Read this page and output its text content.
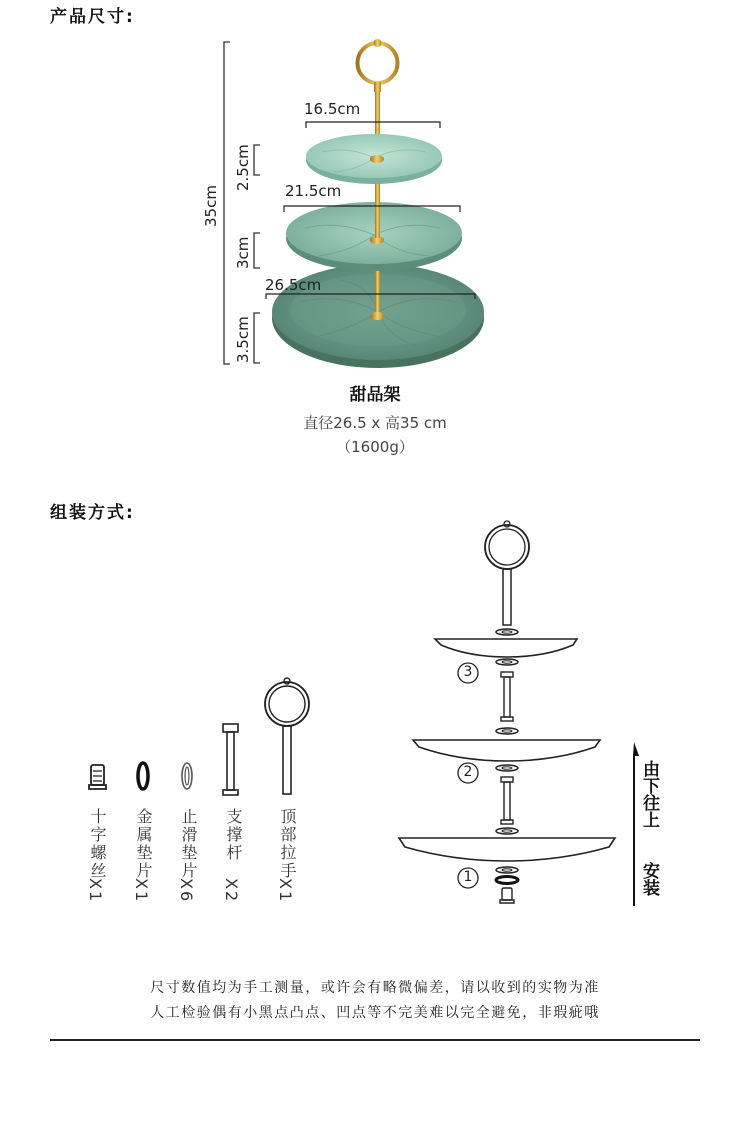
产品尺寸:
16.5cm
21.5cm
26.5cm
35cm
2.5cm
3cm
3.5cm
甜品架
直径26.5 x 高35 cm
（1600g）
组装方式:
十字螺丝

X1
金属垫片
X1
止滑垫片
X6
支撑杆
X2
顶部拉手
X1
3
2
1
由下往上
安装
尺寸数值均为手工测量，或许会有略微偏差，请以收到的实物为准
人工检验偶有小黑点凸点、凹点等不完美难以完全避免，非瑕疵哦
